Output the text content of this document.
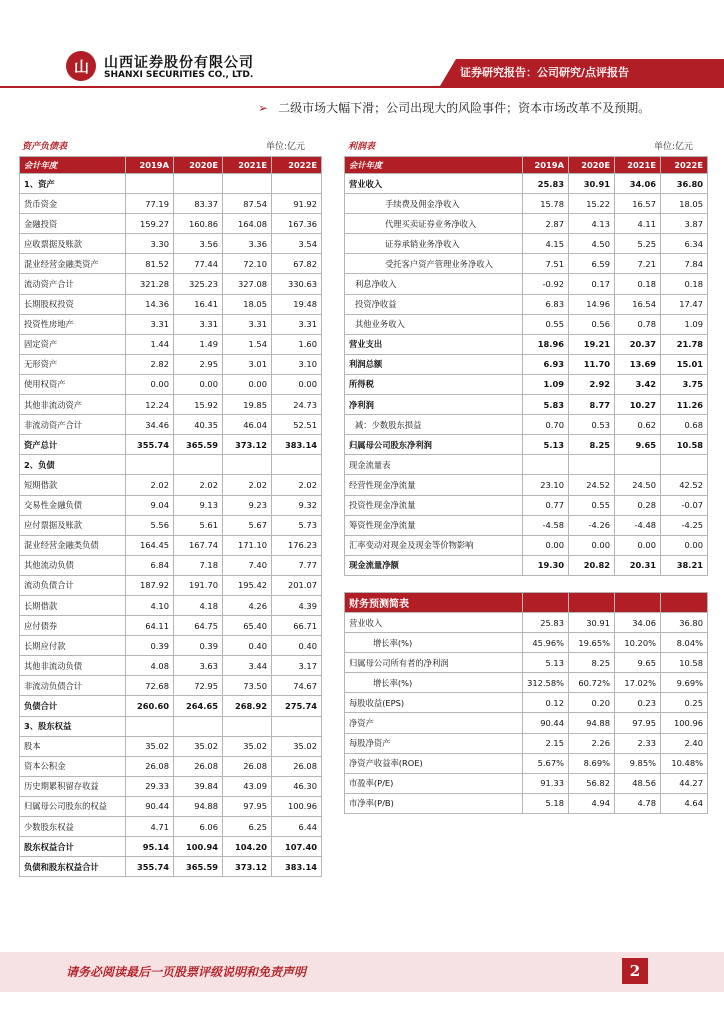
山 山西证券股份有限公司
SHANXI SECURITIES CO., LTD.	证券研究报告：公司研究/点评报告
➢ 二级市场大幅下滑；公司出现大的风险事件；资本市场改革不及预期。
资产负债表	单位:亿元
会计年度	2019A	2020E	2021E	2022E
1、资产				
货币资金	77.19	83.37	87.54	91.92
金融投资	159.27	160.86	164.08	167.36
应收票据及账款	3.30	3.56	3.36	3.54
混业经营金融类资产	81.52	77.44	72.10	67.82
流动资产合计	321.28	325.23	327.08	330.63
长期股权投资	14.36	16.41	18.05	19.48
投资性房地产	3.31	3.31	3.31	3.31
固定资产	1.44	1.49	1.54	1.60
无形资产	2.82	2.95	3.01	3.10
使用权资产	0.00	0.00	0.00	0.00
其他非流动资产	12.24	15.92	19.85	24.73
非流动资产合计	34.46	40.35	46.04	52.51
资产总计	355.74	365.59	373.12	383.14
2、负债				
短期借款	2.02	2.02	2.02	2.02
交易性金融负债	9.04	9.13	9.23	9.32
应付票据及账款	5.56	5.61	5.67	5.73
混业经营金融类负债	164.45	167.74	171.10	176.23
其他流动负债	6.84	7.18	7.40	7.77
流动负债合计	187.92	191.70	195.42	201.07
长期借款	4.10	4.18	4.26	4.39
应付债券	64.11	64.75	65.40	66.71
长期应付款	0.39	0.39	0.40	0.40
其他非流动负债	4.08	3.63	3.44	3.17
非流动负债合计	72.68	72.95	73.50	74.67
负债合计	260.60	264.65	268.92	275.74
3、股东权益				
股本	35.02	35.02	35.02	35.02
资本公积金	26.08	26.08	26.08	26.08
历史期累积留存收益	29.33	39.84	43.09	46.30
归属母公司股东的权益	90.44	94.88	97.95	100.96
少数股东权益	4.71	6.06	6.25	6.44
股东权益合计	95.14	100.94	104.20	107.40
负债和股东权益合计	355.74	365.59	373.12	383.14
利润表	单位:亿元
会计年度	2019A	2020E	2021E	2022E
营业收入	25.83	30.91	34.06	36.80
手续费及佣金净收入	15.78	15.22	16.57	18.05
代理买卖证券业务净收入	2.87	4.13	4.11	3.87
证券承销业务净收入	4.15	4.50	5.25	6.34
受托客户资产管理业务净收入	7.51	6.59	7.21	7.84
利息净收入	-0.92	0.17	0.18	0.18
投资净收益	6.83	14.96	16.54	17.47
其他业务收入	0.55	0.56	0.78	1.09
营业支出	18.96	19.21	20.37	21.78
利润总额	6.93	11.70	13.69	15.01
所得税	1.09	2.92	3.42	3.75
净利润	5.83	8.77	10.27	11.26
减：少数股东损益	0.70	0.53	0.62	0.68
归属母公司股东净利润	5.13	8.25	9.65	10.58
现金流量表				
经营性现金净流量	23.10	24.52	24.50	42.52
投资性现金净流量	0.77	0.55	0.28	-0.07
筹资性现金净流量	-4.58	-4.26	-4.48	-4.25
汇率变动对现金及现金等价物影响	0.00	0.00	0.00	0.00
现金流量净额	19.30	20.82	20.31	38.21

财务预测简表				
营业收入	25.83	30.91	34.06	36.80
增长率(%)	45.96%	19.65%	10.20%	8.04%
归属母公司所有者的净利润	5.13	8.25	9.65	10.58
增长率(%)	312.58%	60.72%	17.02%	9.69%
每股收益(EPS)	0.12	0.20	0.23	0.25
净资产	90.44	94.88	97.95	100.96
每股净资产	2.15	2.26	2.33	2.40
净资产收益率(ROE)	5.67%	8.69%	9.85%	10.48%
市盈率(P/E)	91.33	56.82	48.56	44.27
市净率(P/B)	5.18	4.94	4.78	4.64
请务必阅读最后一页股票评级说明和免责声明	2
